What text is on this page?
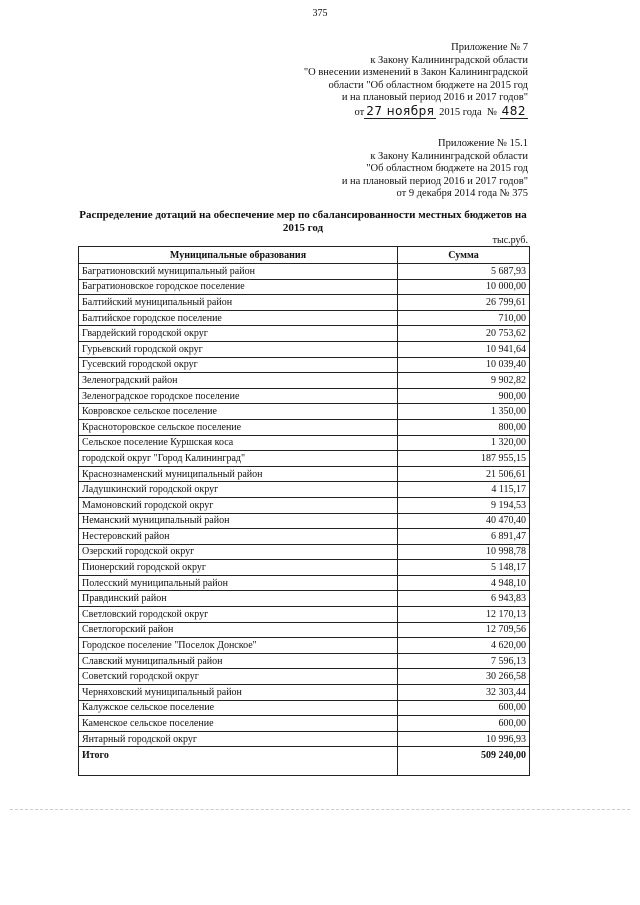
375
Приложение № 7
к Закону Калининградской области
"О внесении изменений в Закон Калининградской
области "Об областном бюджете на 2015 год
и на плановый период 2016 и 2017 годов"
от 27 ноября 2015 года № 482
Приложение № 15.1
к Закону Калининградской области
"Об областном бюджете на 2015 год
и на плановый период 2016 и 2017 годов"
от 9 декабря 2014 года № 375
Распределение дотаций на обеспечение мер по сбалансированности местных бюджетов на
2015 год
тыс.руб.
Муниципальные образования	Сумма
Багратионовский муниципальный район	5 687,93
Багратионовское городское поселение	10 000,00
Балтийский муниципальный район	26 799,61
Балтийское городское поселение	710,00
Гвардейский городской округ	20 753,62
Гурьевский городской округ	10 941,64
Гусевский городской округ	10 039,40
Зеленоградский район	9 902,82
Зеленоградское городское поселение	900,00
Ковровское сельское поселение	1 350,00
Красноторовское сельское поселение	800,00
Сельское поселение Куршская коса	1 320,00
городской округ "Город Калининград"	187 955,15
Краснознаменский муниципальный район	21 506,61
Ладушкинский городской округ	4 115,17
Мамоновский городской округ	9 194,53
Неманский муниципальный район	40 470,40
Нестеровский район	6 891,47
Озерский городской округ	10 998,78
Пионерский городской округ	5 148,17
Полесский муниципальный район	4 948,10
Правдинский район	6 943,83
Светловский городской округ	12 170,13
Светлогорский район	12 709,56
Городское поселение "Поселок Донское"	4 620,00
Славский муниципальный район	7 596,13
Советский городской округ	30 266,58
Черняховский муниципальный район	32 303,44
Калужское сельское поселение	600,00
Каменское сельское поселение	600,00
Янтарный городской округ	10 996,93
Итого	509 240,00
